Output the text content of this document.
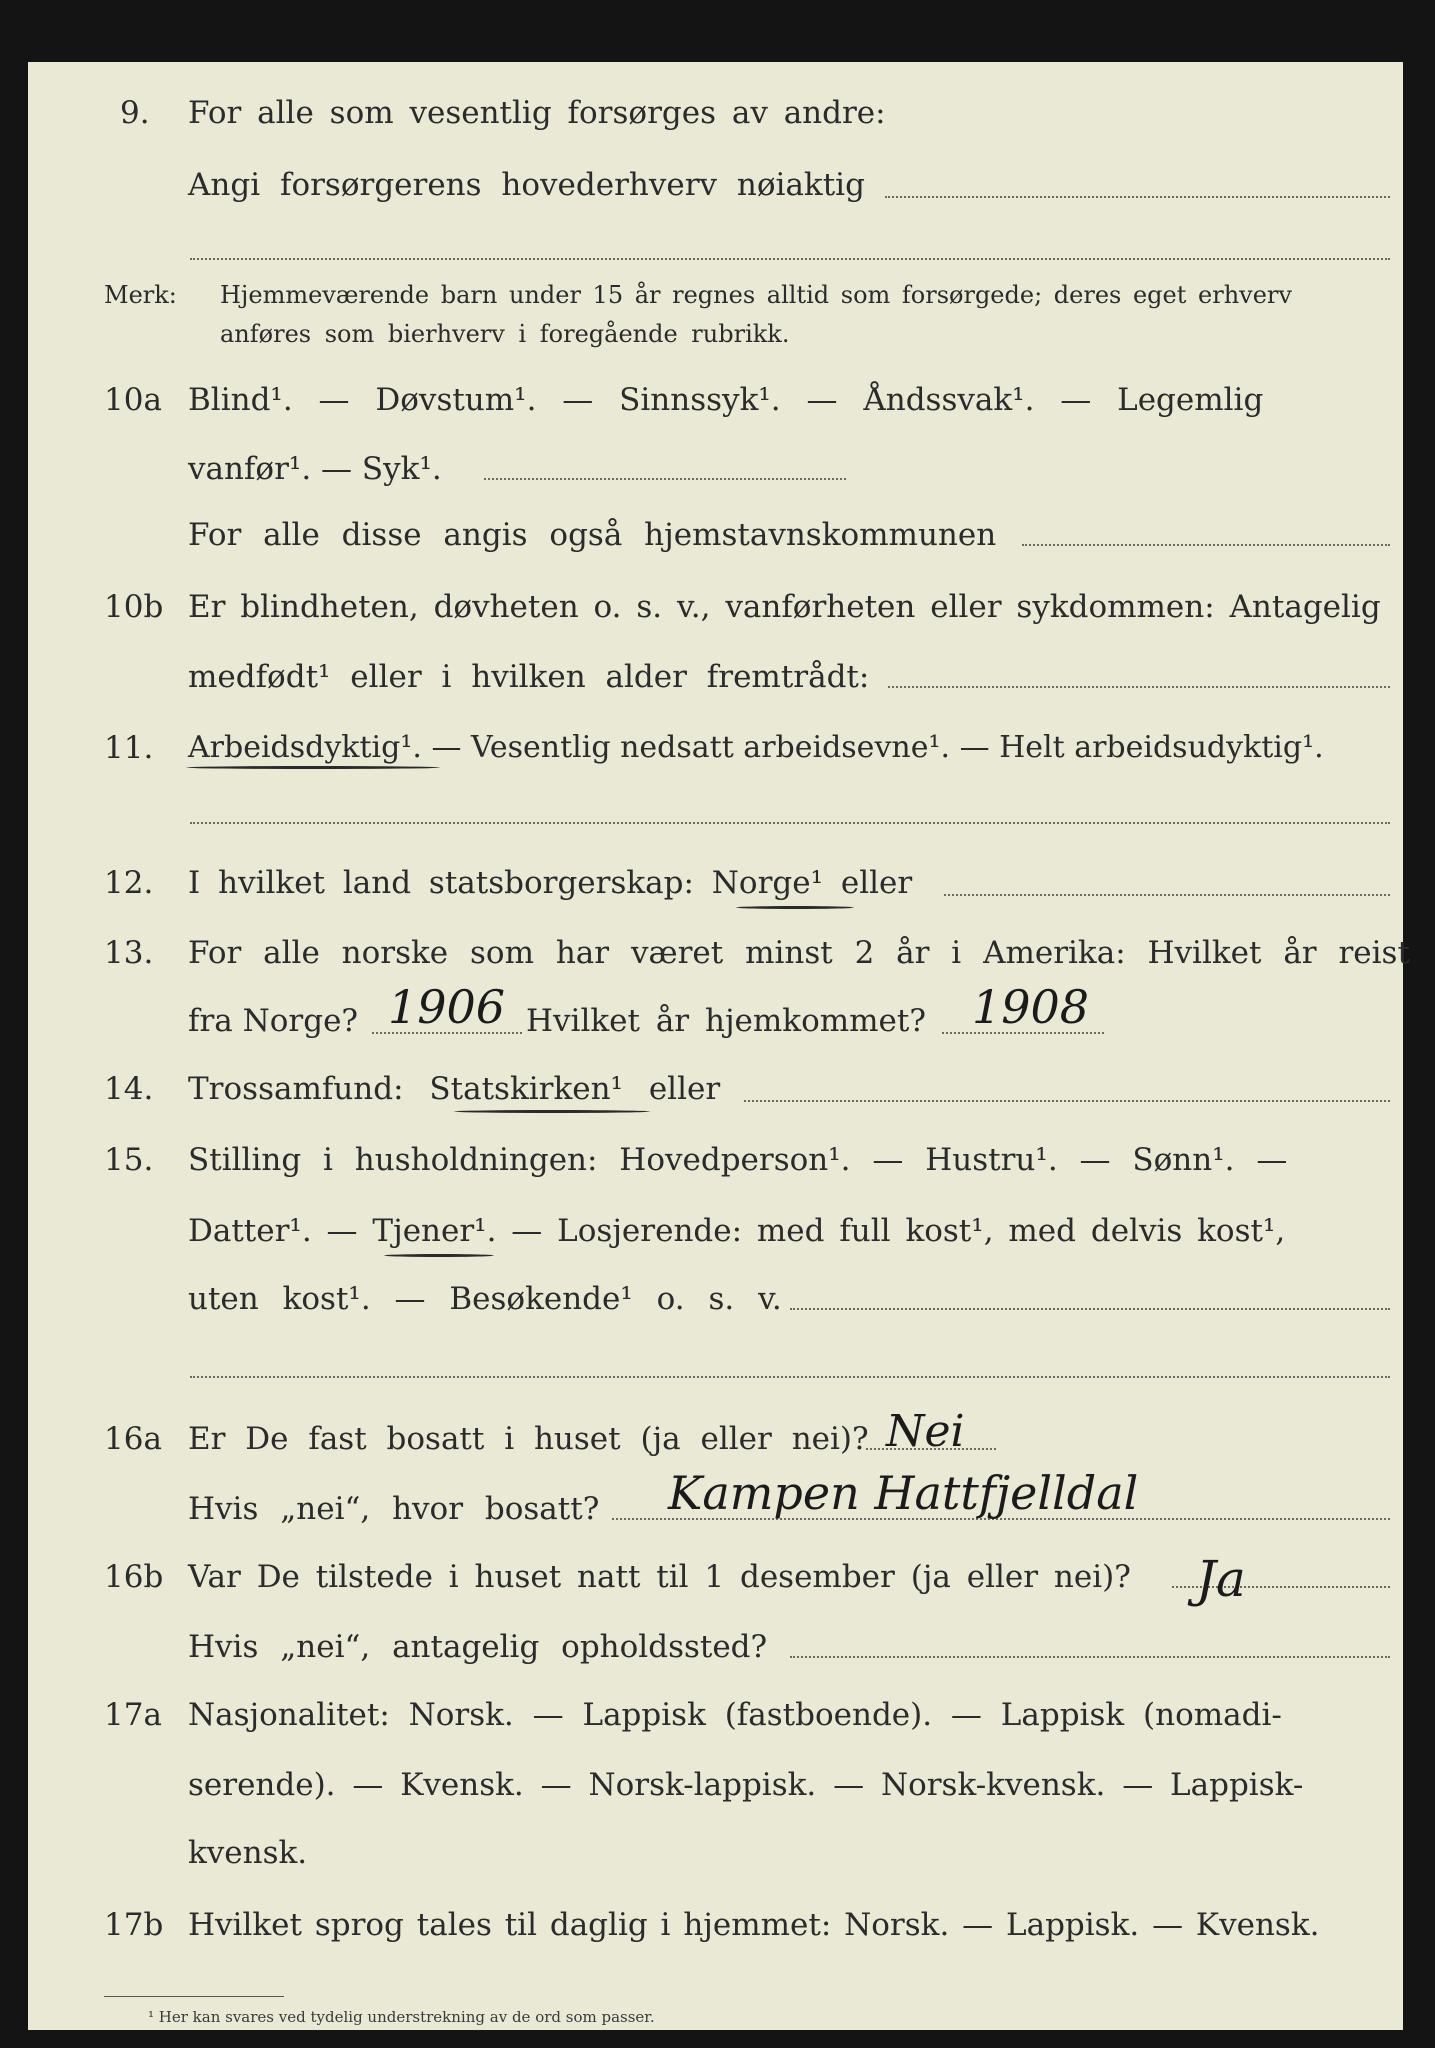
9. For alle som vesentlig forsørges av andre:
Angi forsørgerens hovederhverv nøiaktig
Merk: Hjemmeværende barn under 15 år regnes alltid som forsørgede; deres eget erhverv
anføres som bierhverv i foregående rubrikk.
10a Blind¹. — Døvstum¹. — Sinnssyk¹. — Åndssvak¹. — Legemlig
vanfør¹. — Syk¹.
For alle disse angis også hjemstavnskommunen
10b Er blindheten, døvheten o. s. v., vanførheten eller sykdommen: Antagelig
medfødt¹ eller i hvilken alder fremtrådt:
11. Arbeidsdyktig¹. — Vesentlig nedsatt arbeidsevne¹. — Helt arbeidsudyktig¹.
12. I hvilket land statsborgerskap: Norge¹ eller
13. For alle norske som har været minst 2 år i Amerika: Hvilket år reist
fra Norge? 1906 Hvilket år hjemkommet? 1908
14. Trossamfund: Statskirken¹ eller
15. Stilling i husholdningen: Hovedperson¹. — Hustru¹. — Sønn¹. —
Datter¹. — Tjener¹. — Losjerende: med full kost¹, med delvis kost¹,
uten kost¹. — Besøkende¹ o. s. v.
16a Er De fast bosatt i huset (ja eller nei)? Nei
Hvis „nei“, hvor bosatt? Kampen Hattfjelldal
16b Var De tilstede i huset natt til 1 desember (ja eller nei)? Ja
Hvis „nei“, antagelig opholdssted?
17a Nasjonalitet: Norsk. — Lappisk (fastboende). — Lappisk (nomadi-
serende). — Kvensk. — Norsk-lappisk. — Norsk-kvensk. — Lappisk-
kvensk.
17b Hvilket sprog tales til daglig i hjemmet: Norsk. — Lappisk. — Kvensk.
¹ Her kan svares ved tydelig understrekning av de ord som passer.
